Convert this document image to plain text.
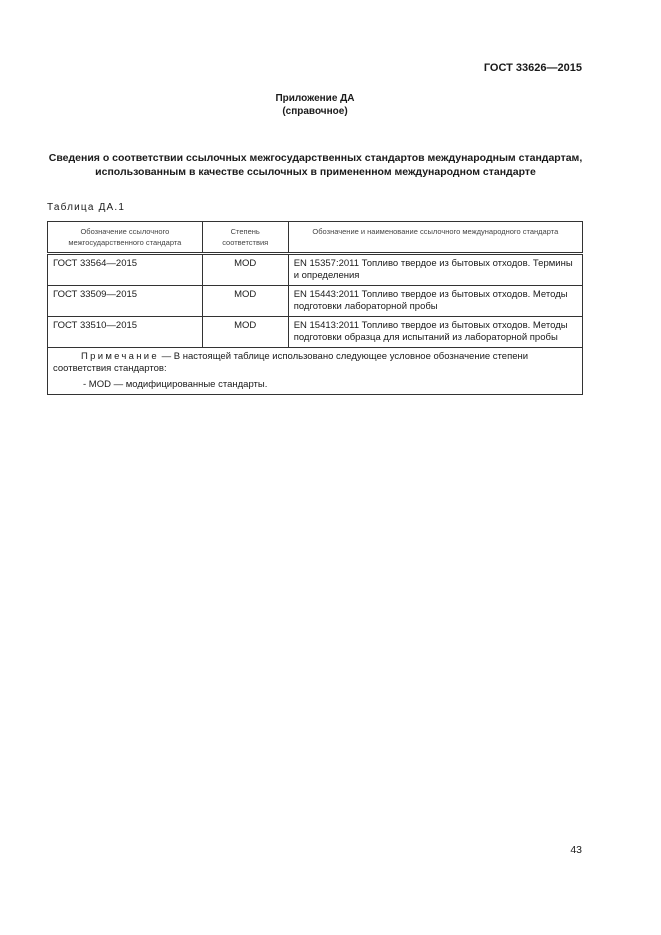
ГОСТ 33626—2015
Приложение ДА
(справочное)
Сведения о соответствии ссылочных межгосударственных стандартов международным стандартам, использованным в качестве ссылочных в примененном международном стандарте
Таблица ДА.1
Обозначение ссылочного межгосударственного стандарта	Степень соответствия	Обозначение и наименование ссылочного международного стандарта
ГОСТ 33564—2015	MOD	EN 15357:2011 Топливо твердое из бытовых отходов. Термины и определения
ГОСТ 33509—2015	MOD	EN 15443:2011 Топливо твердое из бытовых отходов. Методы подготовки лабораторной пробы
ГОСТ 33510—2015	MOD	EN 15413:2011 Топливо твердое из бытовых отходов. Методы подготовки образца для испытаний из лабораторной пробы

Примечание — В настоящей таблице использовано следующее условное обозначение степени соответствия стандартов:
- MOD — модифицированные стандарты.		
43
